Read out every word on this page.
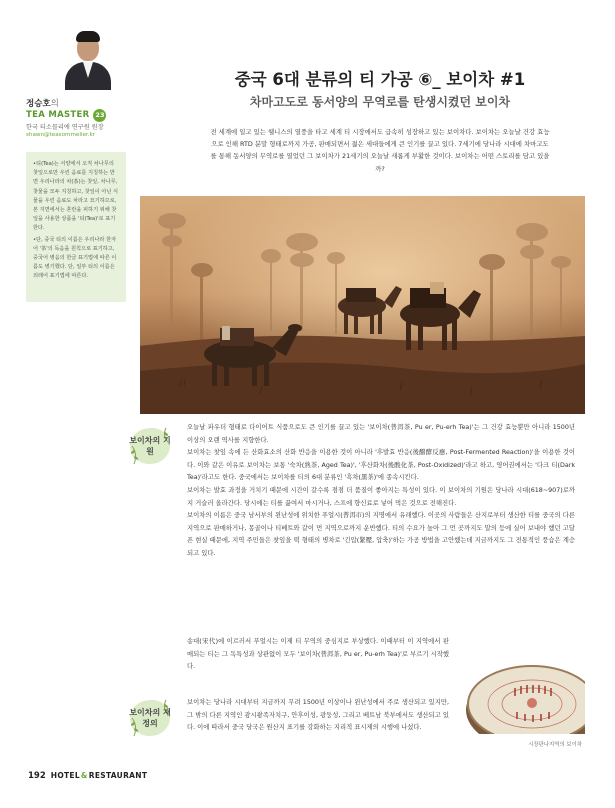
정승호의
TEA MASTER 23
한국 티소믈리에 연구원 원장
shawn@teasommelier.kr

•티(Tea)는 서양에서 오직 차나무의 찻잎으로만 우린 음료를 지칭하는 반면 우리나라의 차(茶)는 찻잎, 차나무, 찻물을 모두 지칭하고, 찻잎이 아닌 식물을 우린 음료도 차라고 묘기하므로, 본 지면에서는 혼란을 피하기 위해 찻잎을 사용한 상품을 '티(Tea)'로 표기한다.

•단, 중국 티의 이름은 우리나라 한자어 '茶'의 독음을 원칙으로 표기하고, 중국어 병음의 한글 표기법에 따른 이름도 병기했다. 단, 일부 티의 이름은 외래어 표기법에 따른다.

중국 6대 분류의 티 가공 ⑥_ 보이차 #1
차마고도로 동서양의 무역로를 탄생시켰던 보이차

전 세계에 일고 있는 웰니스의 열풍을 타고 세계 티 시장에서도 급속히 성장하고 있는 보이차다. 보이차는 오늘날 건강 효능으로 인해 RTD 분말 형태로까지 가공, 판매되면서 젊은 세대들에게 큰 인기를 끌고 있다. 7세기에 당나라 시대에 차마고도를 통해 동서양의 무역로를 열었던 그 보이차가 21세기의 오늘날 새롭게 부활한 것이다. 보이차는 어떤 스토리를 담고 있을까?

보이차의 기원

오늘날 파우더 형태로 다이어트 식품으로도 큰 인기를 끌고 있는 '보이차(普洱茶, Pu er, Pu-erh Tea)'는 그 건강 효능뿐만 아니라 1500년 이상의 오랜 역사를 지향한다.

보이차는 찻잎 속에 든 산화효소의 산화 반응을 이용한 것이 아니라 '후발효 반응(後醱酵反應, Post-Fermented Reaction)'을 이용한 것이다. 이와 같은 이유로 보이차는 보통 '숙차(熟茶, Aged Tea)', '후산화차(後酸化茶, Post-Oxidized)'라고 하고, 영어권에서는 '다크 티(Dark Tea)'라고도 한다. 중국에서는 보이차를 티의 6대 분류인 '흑차(黑茶)'에 종속시킨다.

보이차는 발효 과정을 거치기 때문에 시간이 갈수록 점점 더 품질이 좋아지는 특성이 있다. 이 보이차의 기원은 당나라 시대(618~907)로까지 거슬러 올라간다. 당시에는 티를 끓여서 마시거나, 스프에 향신료로 넣어 먹은 것으로 전해진다.

보이차의 이름은 중국 남서부의 윈난성에 위치한 푸얼시(普洱市)의 지명에서 유래했다. 이곳의 사람들은 산지로부터 생산한 티를 중국의 다른 지역으로 판매하거나, 몽골이나 티베트와 같이 먼 지역으로까지 운반했다. 티의 수요가 높아 그 먼 곳까지도 말의 등에 실어 보내야 했던 고달픈 현실 때문에, 지역 주민들은 찻잎을 떡 형태의 병차로 '긴압(緊壓, 압축)'하는 가공 방법을 고안했는데 지금까지도 그 전통적인 풍습은 계승되고 있다.

송대(宋代)에 이르러서 푸얼시는 이제 티 무역의 중심지로 부상했다. 이때부터 이 지역에서 판매되는 티는 그 독특성과 상관없이 모두 '보이차(普洱茶, Pu er, Pu-erh Tea)'로 부르기 시작했다.

보이차의 재정의

보이차는 당나라 시대부터 지금까지 무려 1500년 이상이나 윈난성에서 주로 생산되고 있지만, 그 밖의 다른 지역인 광시좡족자치구, 안후이성, 광둥성, 그리고 베트남 북부에서도 생산되고 있다. 이에 따라서 중국 당국은 원산지 표기를 강화하는 지리적 표시제의 시행에 나섰다.

시장판나지역의 보이차
192 HOTEL & RESTAURANT
